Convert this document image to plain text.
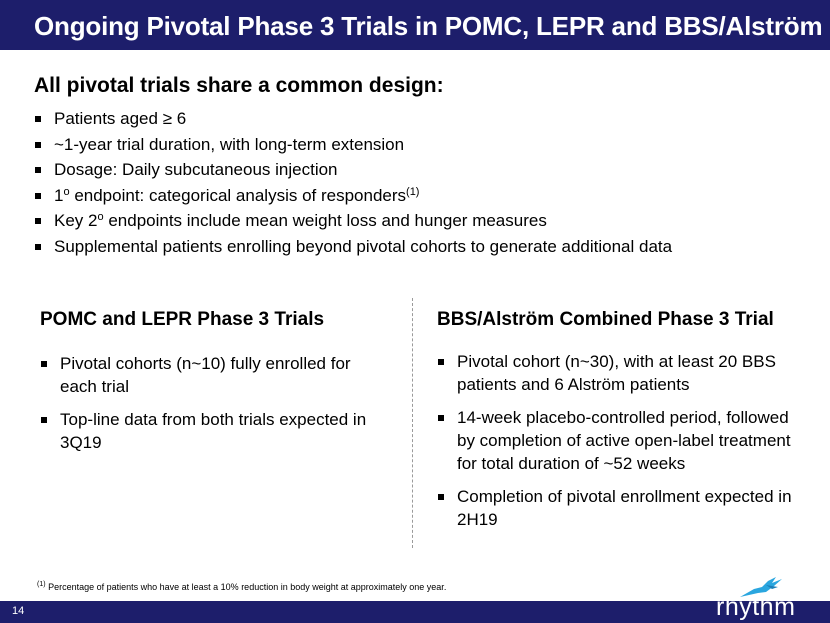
Ongoing Pivotal Phase 3 Trials in POMC, LEPR and BBS/Alström
All pivotal trials share a common design:
Patients aged ≥ 6
~1-year trial duration, with long-term extension
Dosage: Daily subcutaneous injection
1$^o$ endpoint: categorical analysis of responders$^{(1)}$
Key 2$^o$ endpoints include mean weight loss and hunger measures
Supplemental patients enrolling beyond pivotal cohorts to generate additional data
POMC and LEPR Phase 3 Trials
Pivotal cohorts (n~10) fully enrolled for each trial
Top-line data from both trials expected in 3Q19
BBS/Alström Combined Phase 3 Trial
Pivotal cohort (n~30), with at least 20 BBS patients and 6 Alström patients
14-week placebo-controlled period, followed by completion of active open-label treatment for total duration of ~52 weeks
Completion of pivotal enrollment expected in 2H19
$^{(1)}$ Percentage of patients who have at least a 10% reduction in body weight at approximately one year.
14	rhythm
